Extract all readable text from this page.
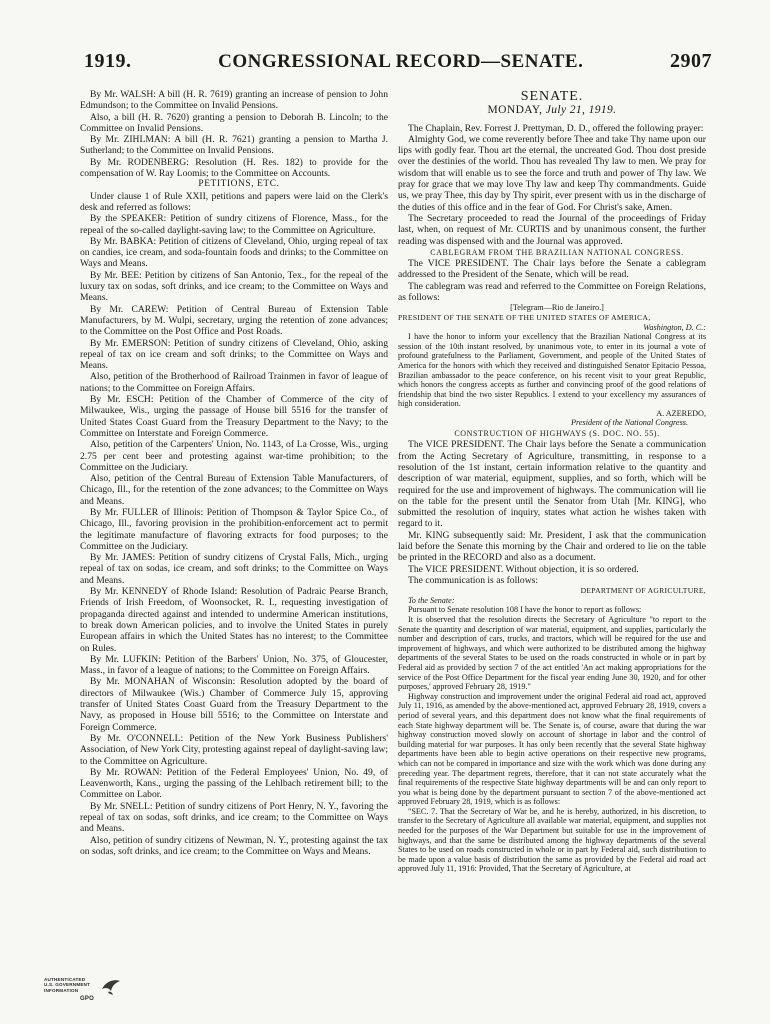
1919.	CONGRESSIONAL RECORD—SENATE.	2907

By Mr. WALSH: A bill (H. R. 7619) granting an increase of pension to John Edmundson; to the Committee on Invalid Pensions.

Also, a bill (H. R. 7620) granting a pension to Deborah B. Lincoln; to the Committee on Invalid Pensions.

By Mr. ZIHLMAN: A bill (H. R. 7621) granting a pension to Martha J. Sutherland; to the Committee on Invalid Pensions.

By Mr. RODENBERG: Resolution (H. Res. 182) to provide for the compensation of W. Ray Loomis; to the Committee on Accounts.

PETITIONS, ETC.

Under clause 1 of Rule XXII, petitions and papers were laid on the Clerk's desk and referred as follows:

By the SPEAKER: Petition of sundry citizens of Florence, Mass., for the repeal of the so-called daylight-saving law; to the Committee on Agriculture.

By Mr. BABKA: Petition of citizens of Cleveland, Ohio, urging repeal of tax on candies, ice cream, and soda-fountain foods and drinks; to the Committee on Ways and Means.

By Mr. BEE: Petition by citizens of San Antonio, Tex., for the repeal of the luxury tax on sodas, soft drinks, and ice cream; to the Committee on Ways and Means.

By Mr. CAREW: Petition of Central Bureau of Extension Table Manufacturers, by M. Wulpi, secretary, urging the retention of zone advances; to the Committee on the Post Office and Post Roads.

By Mr. EMERSON: Petition of sundry citizens of Cleveland, Ohio, asking repeal of tax on ice cream and soft drinks; to the Committee on Ways and Means.

Also, petition of the Brotherhood of Railroad Trainmen in favor of league of nations; to the Committee on Foreign Affairs.

By Mr. ESCH: Petition of the Chamber of Commerce of the city of Milwaukee, Wis., urging the passage of House bill 5516 for the transfer of United States Coast Guard from the Treasury Department to the Navy; to the Committee on Interstate and Foreign Commerce.

Also, petition of the Carpenters' Union, No. 1143, of La Crosse, Wis., urging 2.75 per cent beer and protesting against war-time prohibition; to the Committee on the Judiciary.

Also, petition of the Central Bureau of Extension Table Manufacturers, of Chicago, Ill., for the retention of the zone advances; to the Committee on Ways and Means.

By Mr. FULLER of Illinois: Petition of Thompson & Taylor Spice Co., of Chicago, Ill., favoring provision in the prohibition-enforcement act to permit the legitimate manufacture of flavoring extracts for food purposes; to the Committee on the Judiciary.

By Mr. JAMES: Petition of sundry citizens of Crystal Falls, Mich., urging repeal of tax on sodas, ice cream, and soft drinks; to the Committee on Ways and Means.

By Mr. KENNEDY of Rhode Island: Resolution of Padraic Pearse Branch, Friends of Irish Freedom, of Woonsocket, R. I., requesting investigation of propaganda directed against and intended to undermine American institutions, to break down American policies, and to involve the United States in purely European affairs in which the United States has no interest; to the Committee on Rules.

By Mr. LUFKIN: Petition of the Barbers' Union, No. 375, of Gloucester, Mass., in favor of a league of nations; to the Committee on Foreign Affairs.

By Mr. MONAHAN of Wisconsin: Resolution adopted by the board of directors of Milwaukee (Wis.) Chamber of Commerce July 15, approving transfer of United States Coast Guard from the Treasury Department to the Navy, as proposed in House bill 5516; to the Committee on Interstate and Foreign Commerce.

By Mr. O'CONNELL: Petition of the New York Business Publishers' Association, of New York City, protesting against repeal of daylight-saving law; to the Committee on Agriculture.

By Mr. ROWAN: Petition of the Federal Employees' Union, No. 49, of Leavenworth, Kans., urging the passing of the Lehlbach retirement bill; to the Committee on Labor.

By Mr. SNELL: Petition of sundry citizens of Port Henry, N. Y., favoring the repeal of tax on sodas, soft drinks, and ice cream; to the Committee on Ways and Means.

Also, petition of sundry citizens of Newman, N. Y., protesting against the tax on sodas, soft drinks, and ice cream; to the Committee on Ways and Means.

SENATE.
MONDAY, July 21, 1919.

The Chaplain, Rev. Forrest J. Prettyman, D. D., offered the following prayer:

Almighty God, we come reverently before Thee and take Thy name upon our lips with godly fear. Thou art the eternal, the uncreated God. Thou dost preside over the destinies of the world. Thou has revealed Thy law to men. We pray for wisdom that will enable us to see the force and truth and power of Thy law. We pray for grace that we may love Thy law and keep Thy commandments. Guide us, we pray Thee, this day by Thy spirit, ever present with us in the discharge of the duties of this office and in the fear of God. For Christ's sake, Amen.

The Secretary proceeded to read the Journal of the proceedings of Friday last, when, on request of Mr. CURTIS and by unanimous consent, the further reading was dispensed with and the Journal was approved.

CABLEGRAM FROM THE BRAZILIAN NATIONAL CONGRESS.

The VICE PRESIDENT. The Chair lays before the Senate a cablegram addressed to the President of the Senate, which will be read.

The cablegram was read and referred to the Committee on Foreign Relations, as follows:

[Telegram—Rio de Janeiro.]

PRESIDENT OF THE SENATE OF THE UNITED STATES OF AMERICA,

Washington, D. C.:

I have the honor to inform your excellency that the Brazilian National Congress at its session of the 10th instant resolved, by unanimous vote, to enter in its journal a vote of profound gratefulness to the Parliament, Government, and people of the United States of America for the honors with which they received and distinguished Senator Epitacio Pessoa, Brazilian ambassador to the peace conference, on his recent visit to your great Republic, which honors the congress accepts as further and convincing proof of the good relations of friendship that bind the two sister Republics. I extend to your excellency my assurances of high consideration.

A. AZEREDO,

President of the National Congress.

CONSTRUCTION OF HIGHWAYS (S. DOC. NO. 55).

The VICE PRESIDENT. The Chair lays before the Senate a communication from the Acting Secretary of Agriculture, transmitting, in response to a resolution of the 1st instant, certain information relative to the quantity and description of war material, equipment, supplies, and so forth, which will be required for the use and improvement of highways. The communication will lie on the table for the present until the Senator from Utah [Mr. KING], who submitted the resolution of inquiry, states what action he wishes taken with regard to it.

Mr. KING subsequently said: Mr. President, I ask that the communication laid before the Senate this morning by the Chair and ordered to lie on the table be printed in the RECORD and also as a document.

The VICE PRESIDENT. Without objection, it is so ordered.

The communication is as follows:

DEPARTMENT OF AGRICULTURE,

To the Senate:

Pursuant to Senate resolution 108 I have the honor to report as follows:

It is observed that the resolution directs the Secretary of Agriculture "to report to the Senate the quantity and description of war material, equipment, and supplies, particularly the number and description of cars, trucks, and tractors, which will be required for the use and improvement of highways, and which were authorized to be distributed among the highway departments of the several States to be used on the roads constructed in whole or in part by Federal aid as provided by section 7 of the act entitled 'An act making appropriations for the service of the Post Office Department for the fiscal year ending June 30, 1920, and for other purposes,' approved February 28, 1919."

Highway construction and improvement under the original Federal aid road act, approved July 11, 1916, as amended by the above-mentioned act, approved February 28, 1919, covers a period of several years, and this department does not know what the final requirements of each State highway department will be. The Senate is, of course, aware that during the war highway construction moved slowly on account of shortage in labor and the control of building material for war purposes. It has only been recently that the several State highway departments have been able to begin active operations on their respective new programs, which can not be compared in importance and size with the work which was done during any preceding year. The department regrets, therefore, that it can not state accurately what the final requirements of the respective State highway departments will be and can only report to you what is being done by the department pursuant to section 7 of the above-mentioned act approved February 28, 1919, which is as follows:

"SEC. 7. That the Secretary of War be, and he is hereby, authorized, in his discretion, to transfer to the Secretary of Agriculture all available war material, equipment, and supplies not needed for the purposes of the War Department but suitable for use in the improvement of highways, and that the same be distributed among the highway departments of the several States to be used on roads constructed in whole or in part by Federal aid, such distribution to be made upon a value basis of distribution the same as provided by the Federal aid road act approved July 11, 1916: Provided, That the Secretary of Agriculture, at

AUTHENTICATED
U.S. GOVERNMENT
INFORMATION
GPO
